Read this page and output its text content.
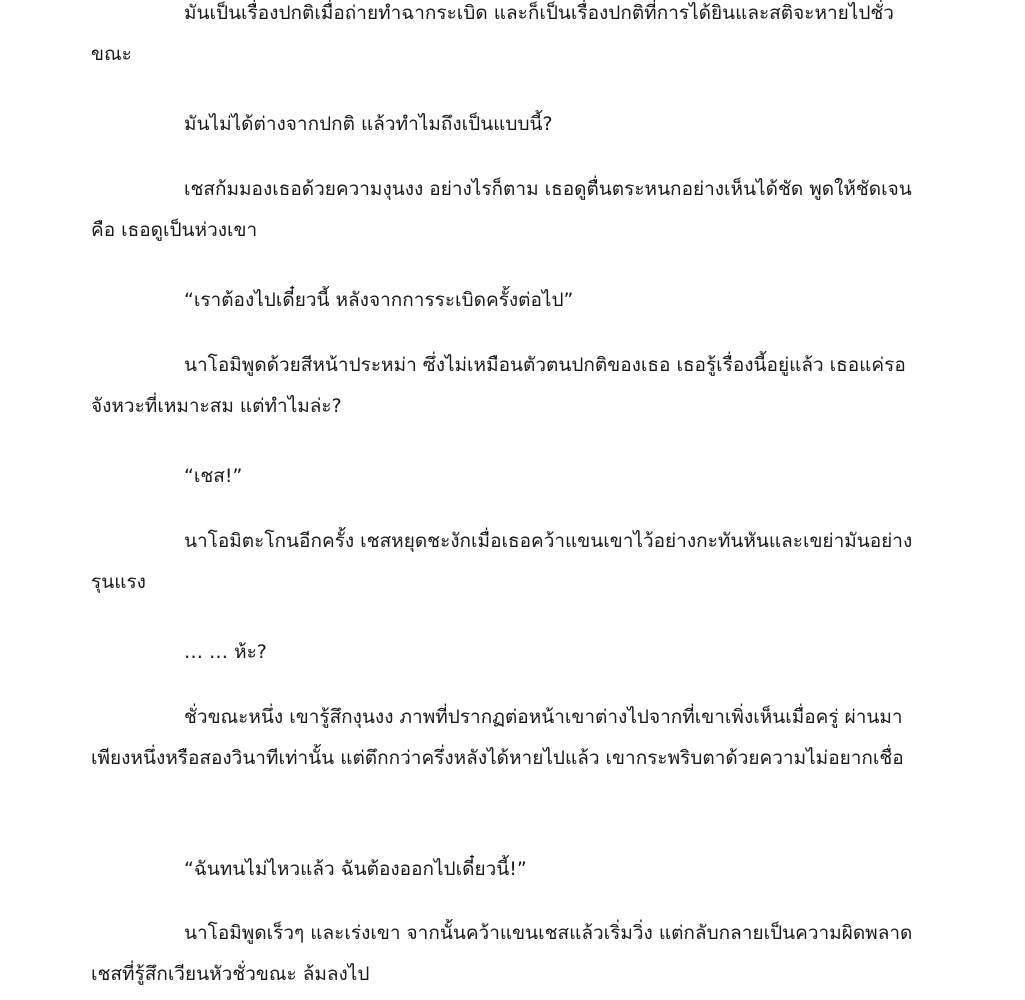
มันเป็นเรื่องปกติเมื่อถ่ายทำฉากระเบิด และก็เป็นเรื่องปกติที่การได้ยินและสติจะหายไปชั่วขณะ

มันไม่ได้ต่างจากปกติ แล้วทำไมถึงเป็นแบบนี้?

เชสก้มมองเธอด้วยความงุนงง อย่างไรก็ตาม เธอดูตื่นตระหนกอย่างเห็นได้ชัด พูดให้ชัดเจนคือ เธอดูเป็นห่วงเขา

“เราต้องไปเดี๋ยวนี้ หลังจากการระเบิดครั้งต่อไป”

นาโอมิพูดด้วยสีหน้าประหม่า ซึ่งไม่เหมือนตัวตนปกติของเธอ เธอรู้เรื่องนี้อยู่แล้ว เธอแค่รอจังหวะที่เหมาะสม แต่ทำไมล่ะ?

“เชส!”

นาโอมิตะโกนอีกครั้ง เชสหยุดชะงักเมื่อเธอคว้าแขนเขาไว้อย่างกะทันหันและเขย่ามันอย่างรุนแรง

… … ห้ะ?

ชั่วขณะหนึ่ง เขารู้สึกงุนงง ภาพที่ปรากฏต่อหน้าเขาต่างไปจากที่เขาเพิ่งเห็นเมื่อครู่ ผ่านมาเพียงหนึ่งหรือสองวินาทีเท่านั้น แต่ตึกกว่าครึ่งหลังได้หายไปแล้ว เขากระพริบตาด้วยความไม่อยากเชื่อ

“ฉันทนไม่ไหวแล้ว ฉันต้องออกไปเดี๋ยวนี้!”

นาโอมิพูดเร็วๆ และเร่งเขา จากนั้นคว้าแขนเชสแล้วเริ่มวิ่ง แต่กลับกลายเป็นความผิดพลาด เชสที่รู้สึกเวียนหัวชั่วขณะ ล้มลงไป
